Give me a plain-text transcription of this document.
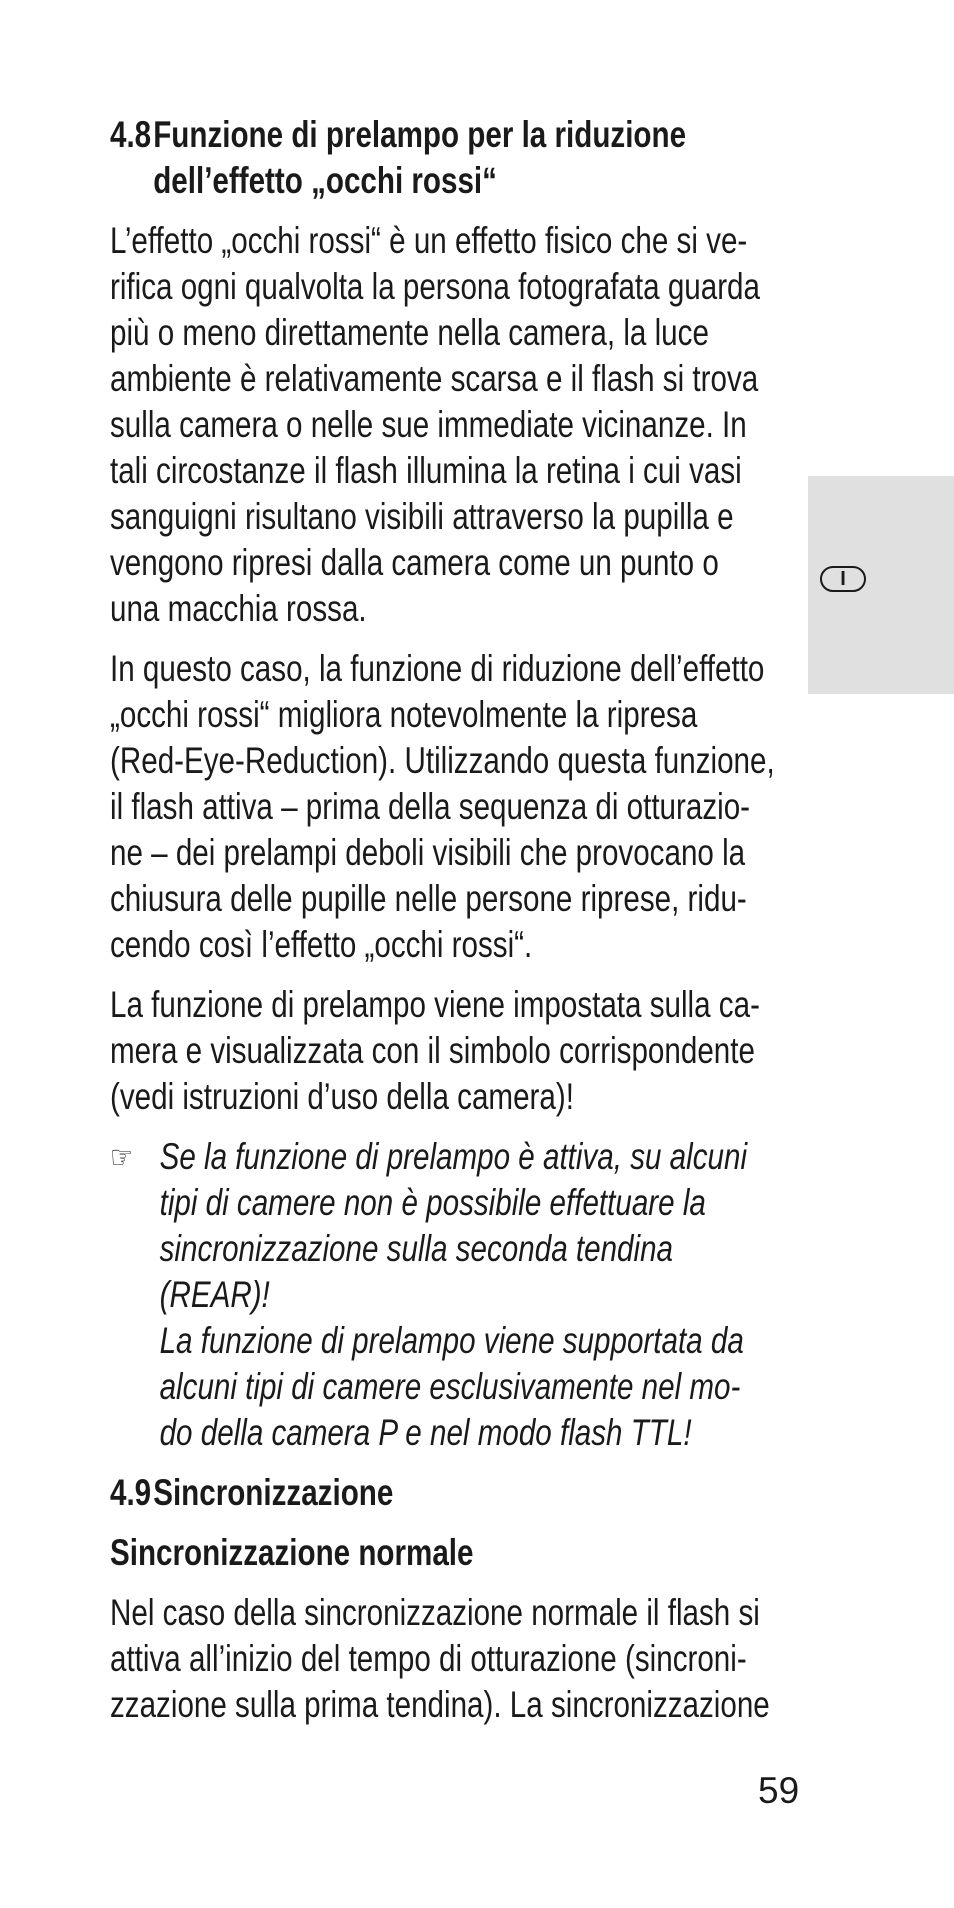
I
4.8 Funzione di prelampo per la riduzione
dell’effetto „occhi rossi“

L’effetto „occhi rossi“ è un effetto fisico che si ve-
rifica ogni qualvolta la persona fotografata guarda
più o meno direttamente nella camera, la luce
ambiente è relativamente scarsa e il flash si trova
sulla camera o nelle sue immediate vicinanze. In
tali circostanze il flash illumina la retina i cui vasi
sanguigni risultano visibili attraverso la pupilla e
vengono ripresi dalla camera come un punto o
una macchia rossa.

In questo caso, la funzione di riduzione dell’effetto
„occhi rossi“ migliora notevolmente la ripresa
(Red-Eye-Reduction). Utilizzando questa funzione,
il flash attiva – prima della sequenza di otturazio-
ne – dei prelampi deboli visibili che provocano la
chiusura delle pupille nelle persone riprese, ridu-
cendo così l’effetto „occhi rossi“.

La funzione di prelampo viene impostata sulla ca-
mera e visualizzata con il simbolo corrispondente
(vedi istruzioni d’uso della camera)!

☞ Se la funzione di prelampo è attiva, su alcuni
tipi di camere non è possibile effettuare la
sincronizzazione sulla seconda tendina
(REAR)!
La funzione di prelampo viene supportata da
alcuni tipi di camere esclusivamente nel mo-
do della camera P e nel modo flash TTL!
4.9Sincronizzazione
Sincronizzazione normale

Nel caso della sincronizzazione normale il flash si
attiva all’inizio del tempo di otturazione (sincroni-
zzazione sulla prima tendina). La sincronizzazione

59
